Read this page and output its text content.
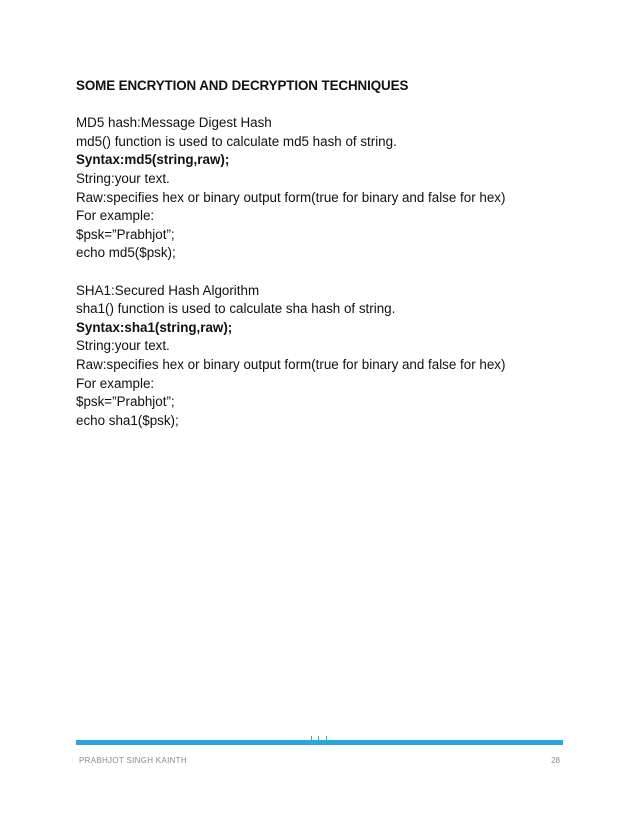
SOME ENCRYTION AND DECRYPTION TECHNIQUES
MD5 hash:Message Digest Hash
md5() function is used to calculate md5 hash of string.
Syntax:md5(string,raw);
String:your text.
Raw:specifies hex or binary output form(true for binary and false for hex)
For example:
$psk=”Prabhjot”;
echo md5($psk);
SHA1:Secured Hash Algorithm
sha1() function is used to calculate sha hash of string.
Syntax:sha1(string,raw);
String:your text.
Raw:specifies hex or binary output form(true for binary and false for hex)
For example:
$psk=”Prabhjot”;
echo sha1($psk);
PRABHJOT SINGH KAINTH	28
